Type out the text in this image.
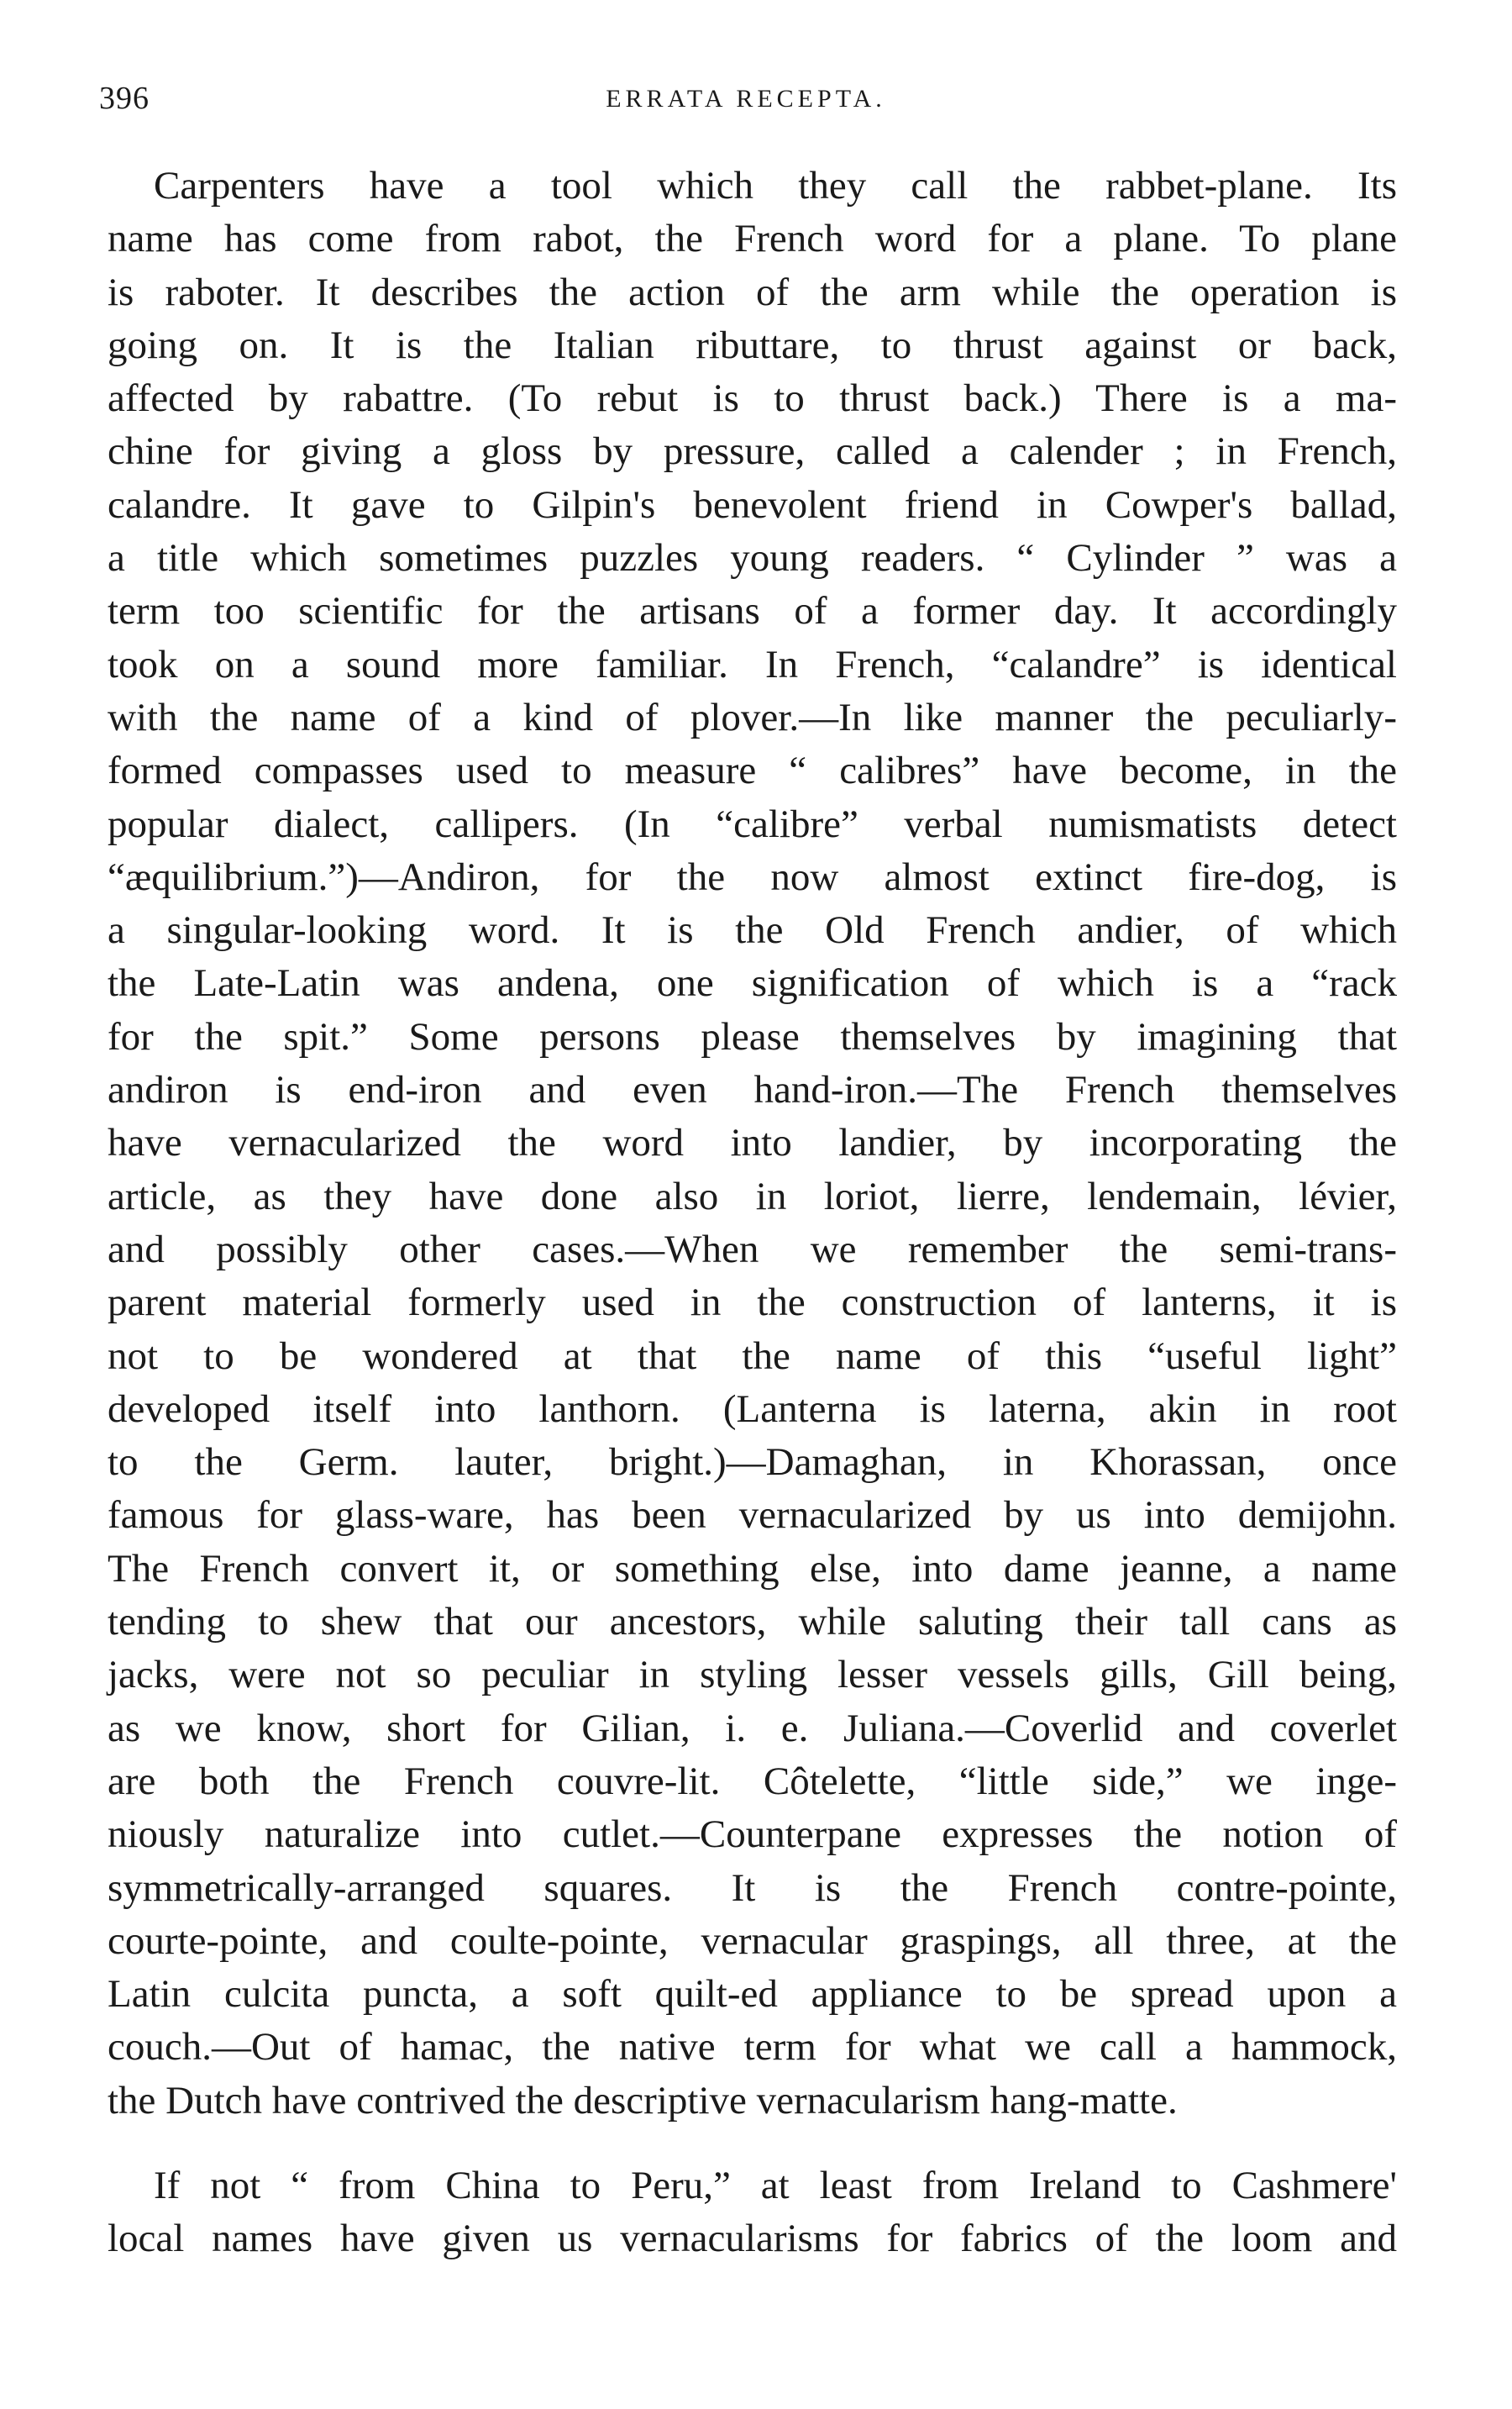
396	ERRATA RECEPTA.
Carpenters have a tool which they call the rabbet-plane. Its
name has come from rabot, the French word for a plane. To plane
is raboter. It describes the action of the arm while the operation is
going on. It is the Italian ributtare, to thrust against or back,
affected by rabattre. (To rebut is to thrust back.) There is a ma-
chine for giving a gloss by pressure, called a calender ; in French,
calandre. It gave to Gilpin's benevolent friend in Cowper's ballad,
a title which sometimes puzzles young readers. “ Cylinder ” was a
term too scientific for the artisans of a former day. It accordingly
took on a sound more familiar. In French, “calandre” is identical
with the name of a kind of plover.—In like manner the peculiarly-
formed compasses used to measure “ calibres” have become, in the
popular dialect, callipers. (In “calibre” verbal numismatists detect
“æquilibrium.”)—Andiron, for the now almost extinct fire-dog, is
a singular-looking word. It is the Old French andier, of which
the Late-Latin was andena, one signification of which is a “rack
for the spit.” Some persons please themselves by imagining that
andiron is end-iron and even hand-iron.—The French themselves
have vernacularized the word into landier, by incorporating the
article, as they have done also in loriot, lierre, lendemain, lévier,
and possibly other cases.—When we remember the semi-trans-
parent material formerly used in the construction of lanterns, it is
not to be wondered at that the name of this “useful light”
developed itself into lanthorn. (Lanterna is laterna, akin in root
to the Germ. lauter, bright.)—Damaghan, in Khorassan, once
famous for glass-ware, has been vernacularized by us into demijohn.
The French convert it, or something else, into dame jeanne, a name
tending to shew that our ancestors, while saluting their tall cans as
jacks, were not so peculiar in styling lesser vessels gills, Gill being,
as we know, short for Gilian, i. e. Juliana.—Coverlid and coverlet
are both the French couvre-lit. Côtelette, “little side,” we inge-
niously naturalize into cutlet.—Counterpane expresses the notion of
symmetrically-arranged squares. It is the French contre-pointe,
courte-pointe, and coulte-pointe, vernacular graspings, all three, at the
Latin culcita puncta, a soft quilt-ed appliance to be spread upon a
couch.—Out of hamac, the native term for what we call a hammock,
the Dutch have contrived the descriptive vernacularism hang-matte.
If not “ from China to Peru,” at least from Ireland to Cashmere'
local names have given us vernacularisms for fabrics of the loom and
